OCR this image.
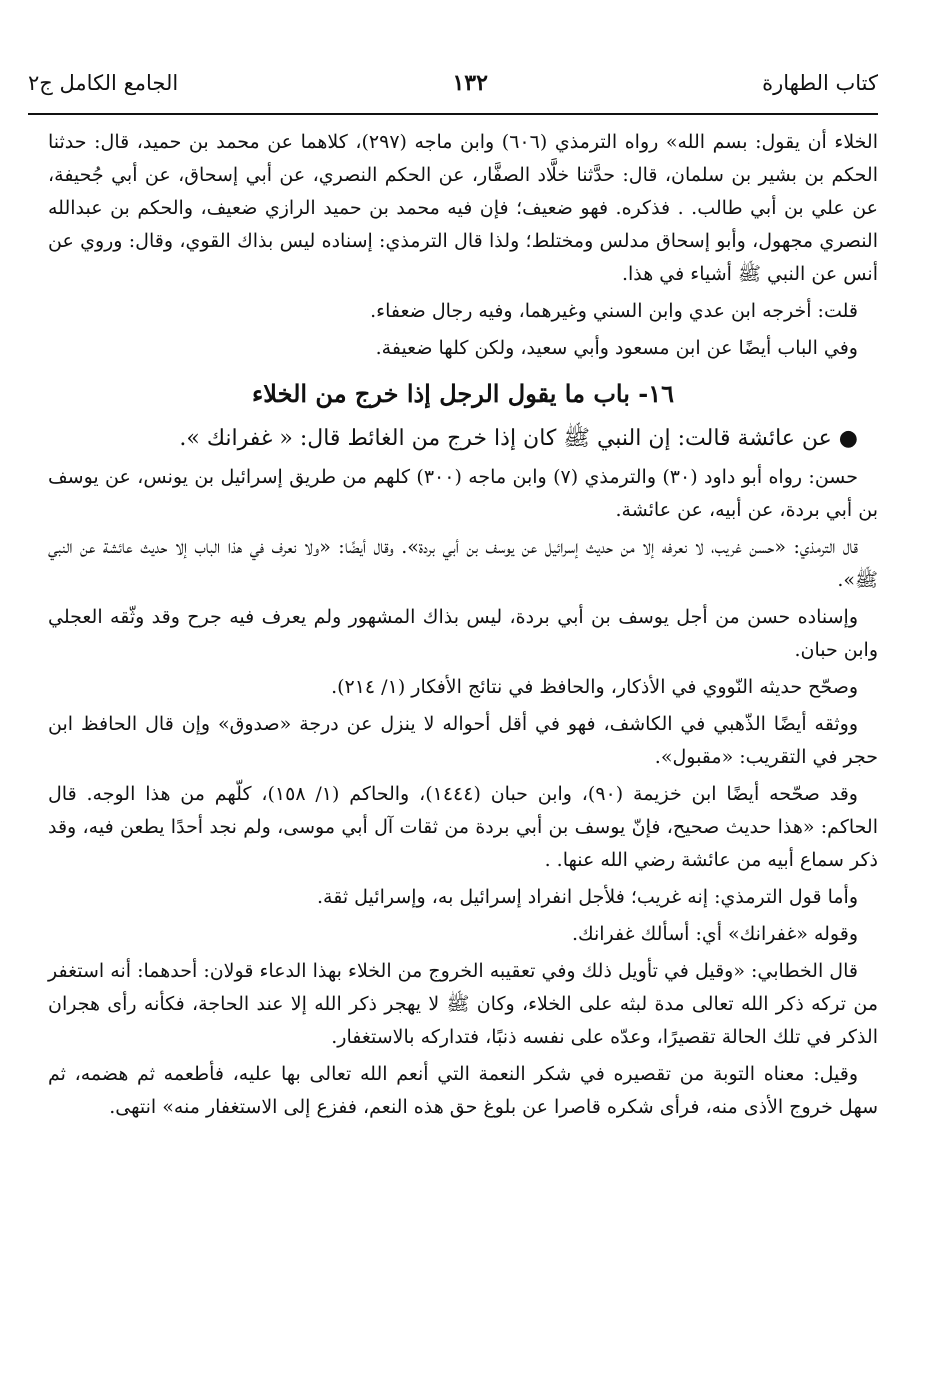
كتاب الطهارة
١٣٢
الجامع الكامل ج٢

الخلاء أن يقول: بسم الله» رواه الترمذي (٦٠٦) وابن ماجه (٢٩٧)، كلاهما عن محمد بن حميد، قال: حدثنا الحكم بن بشير بن سلمان، قال: حدَّثنا خلَّاد الصفَّار، عن الحكم النصري، عن أبي إسحاق، عن أبي جُحيفة، عن علي بن أبي طالب. . فذكره. فهو ضعيف؛ فإن فيه محمد بن حميد الرازي ضعيف، والحكم بن عبدالله النصري مجهول، وأبو إسحاق مدلس ومختلط؛ ولذا قال الترمذي: إسناده ليس بذاك القوي، وقال: وروي عن أنس عن النبي ﷺ أشياء في هذا.

قلت: أخرجه ابن عدي وابن السني وغيرهما، وفيه رجال ضعفاء.

وفي الباب أيضًا عن ابن مسعود وأبي سعيد، ولكن كلها ضعيفة.

١٦- باب ما يقول الرجل إذا خرج من الخلاء

● عن عائشة قالت: إن النبي ﷺ كان إذا خرج من الغائط قال: « غفرانك ».

حسن: رواه أبو داود (٣٠) والترمذي (٧) وابن ماجه (٣٠٠) كلهم من طريق إسرائيل بن يونس، عن يوسف بن أبي بردة، عن أبيه، عن عائشة.

قال الترمذي: «حسن غريب، لا نعرفه إلا من حديث إسرائيل عن يوسف بن أبي بردة». وقال أيضًا: «ولا نعرف في هذا الباب إلا حديث عائشة عن النبي ﷺ».

وإسناده حسن من أجل يوسف بن أبي بردة، ليس بذاك المشهور ولم يعرف فيه جرح وقد وثّقه العجلي وابن حبان.

وصحّح حديثه النّووي في الأذكار، والحافظ في نتائج الأفكار (١/ ٢١٤).

ووثقه أيضًا الذّهبي في الكاشف، فهو في أقل أحواله لا ينزل عن درجة «صدوق» وإن قال الحافظ ابن حجر في التقريب: «مقبول».

وقد صحّحه أيضًا ابن خزيمة (٩٠)، وابن حبان (١٤٤٤)، والحاكم (١/ ١٥٨)، كلّهم من هذا الوجه. قال الحاكم: «هذا حديث صحيح، فإنّ يوسف بن أبي بردة من ثقات آل أبي موسى، ولم نجد أحدًا يطعن فيه، وقد ذكر سماع أبيه من عائشة رضي الله عنها. .

وأما قول الترمذي: إنه غريب؛ فلأجل انفراد إسرائيل به، وإسرائيل ثقة.

وقوله «غفرانك» أي: أسألك غفرانك.

قال الخطابي: «وقيل في تأويل ذلك وفي تعقيبه الخروج من الخلاء بهذا الدعاء قولان: أحدهما: أنه استغفر من تركه ذكر الله تعالى مدة لبثه على الخلاء، وكان ﷺ لا يهجر ذكر الله إلا عند الحاجة، فكأنه رأى هجران الذكر في تلك الحالة تقصيرًا، وعدّه على نفسه ذنبًا، فتداركه بالاستغفار.

وقيل: معناه التوبة من تقصيره في شكر النعمة التي أنعم الله تعالى بها عليه، فأطعمه ثم هضمه، ثم سهل خروج الأذى منه، فرأى شكره قاصرا عن بلوغ حق هذه النعم، ففزع إلى الاستغفار منه» انتهى.
